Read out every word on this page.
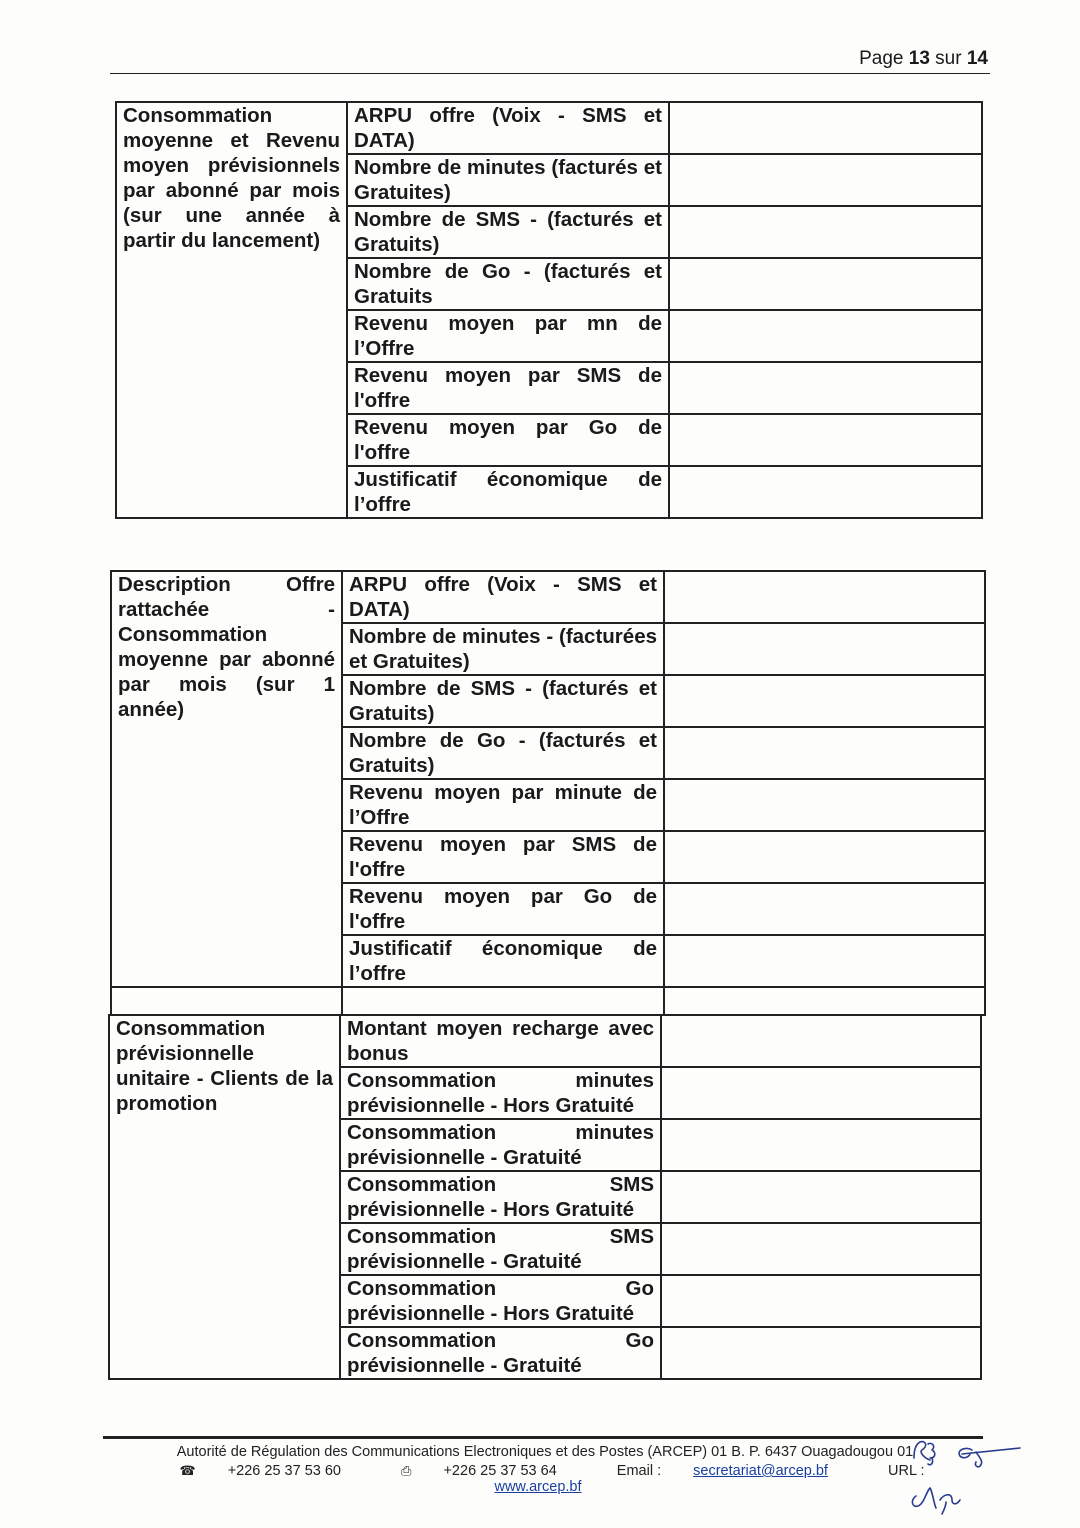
Page 13 sur 14
Consommation moyenne et Revenu moyen prévisionnels par abonné par mois (sur une année à partir du lancement)	ARPU offre (Voix - SMS et DATA)	
	Nombre de minutes (facturés et Gratuites)	
	Nombre de SMS - (facturés et Gratuits)	
	Nombre de Go - (facturés et Gratuits	
	Revenu moyen par mn de l’Offre	
	Revenu moyen par SMS de l'offre	
	Revenu moyen par Go de l'offre	
	Justificatif économique de l’offre	
Description Offre rattachée - Consommation moyenne par abonné par mois (sur 1 année)	ARPU offre (Voix - SMS et DATA)	
	Nombre de minutes - (facturées et Gratuites)	
	Nombre de SMS - (facturés et Gratuits)	
	Nombre de Go - (facturés et Gratuits)	
	Revenu moyen par minute de l’Offre	
	Revenu moyen par SMS de l'offre	
	Revenu moyen par Go de l'offre	
	Justificatif économique de l’offre	

Consommation prévisionnelle unitaire - Clients de la promotion	Montant moyen recharge avec bonus	
	Consommation minutes prévisionnelle - Hors Gratuité	
	Consommation minutes prévisionnelle - Gratuité	
	Consommation SMS prévisionnelle - Hors Gratuité	
	Consommation SMS prévisionnelle - Gratuité	
	Consommation Go prévisionnelle - Hors Gratuité	
	Consommation Go prévisionnelle - Gratuité	
Autorité de Régulation des Communications Electroniques et des Postes (ARCEP) 01 B. P. 6437 Ouagadougou 01
☎ +226 25 37 53 60	⎙ +226 25 37 53 64	Email : secretariat@arcep.bf	URL : www.arcep.bf
